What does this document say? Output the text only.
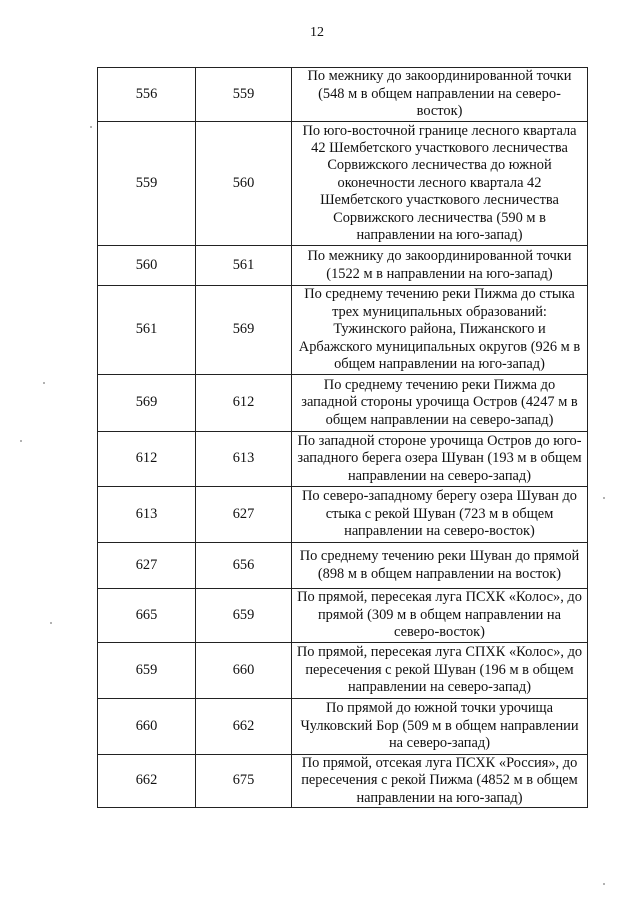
12
556	559	По межнику до закоординированной точки (548 м в общем направлении на северо-восток)
559	560	По юго-восточной границе лесного квартала 42 Шембетского участкового лесничества Сорвижского лесничества до южной оконечности лесного квартала 42 Шембетского участкового лесничества Сорвижского лесничества (590 м в направлении на юго-запад)
560	561	По межнику до закоординированной точки (1522 м в направлении на юго-запад)
561	569	По среднему течению реки Пижма до стыка трех муниципальных образований: Тужинского района, Пижанского и Арбажского муниципальных округов (926 м в общем направлении на юго-запад)
569	612	По среднему течению реки Пижма до западной стороны урочища Остров (4247 м в общем направлении на северо-запад)
612	613	По западной стороне урочища Остров до юго-западного берега озера Шуван (193 м в общем направлении на северо-запад)
613	627	По северо-западному берегу озера Шуван до стыка с рекой Шуван (723 м в общем направлении на северо-восток)
627	656	По среднему течению реки Шуван до прямой (898 м в общем направлении на восток)
665	659	По прямой, пересекая луга ПСХК «Колос», до прямой (309 м в общем направлении на северо-восток)
659	660	По прямой, пересекая луга СПХК «Колос», до пересечения с рекой Шуван (196 м в общем направлении на северо-запад)
660	662	По прямой до южной точки урочища Чулковский Бор (509 м в общем направлении на северо-запад)
662	675	По прямой, отсекая луга ПСХК «Россия», до пересечения с рекой Пижма (4852 м в общем направлении на юго-запад)
